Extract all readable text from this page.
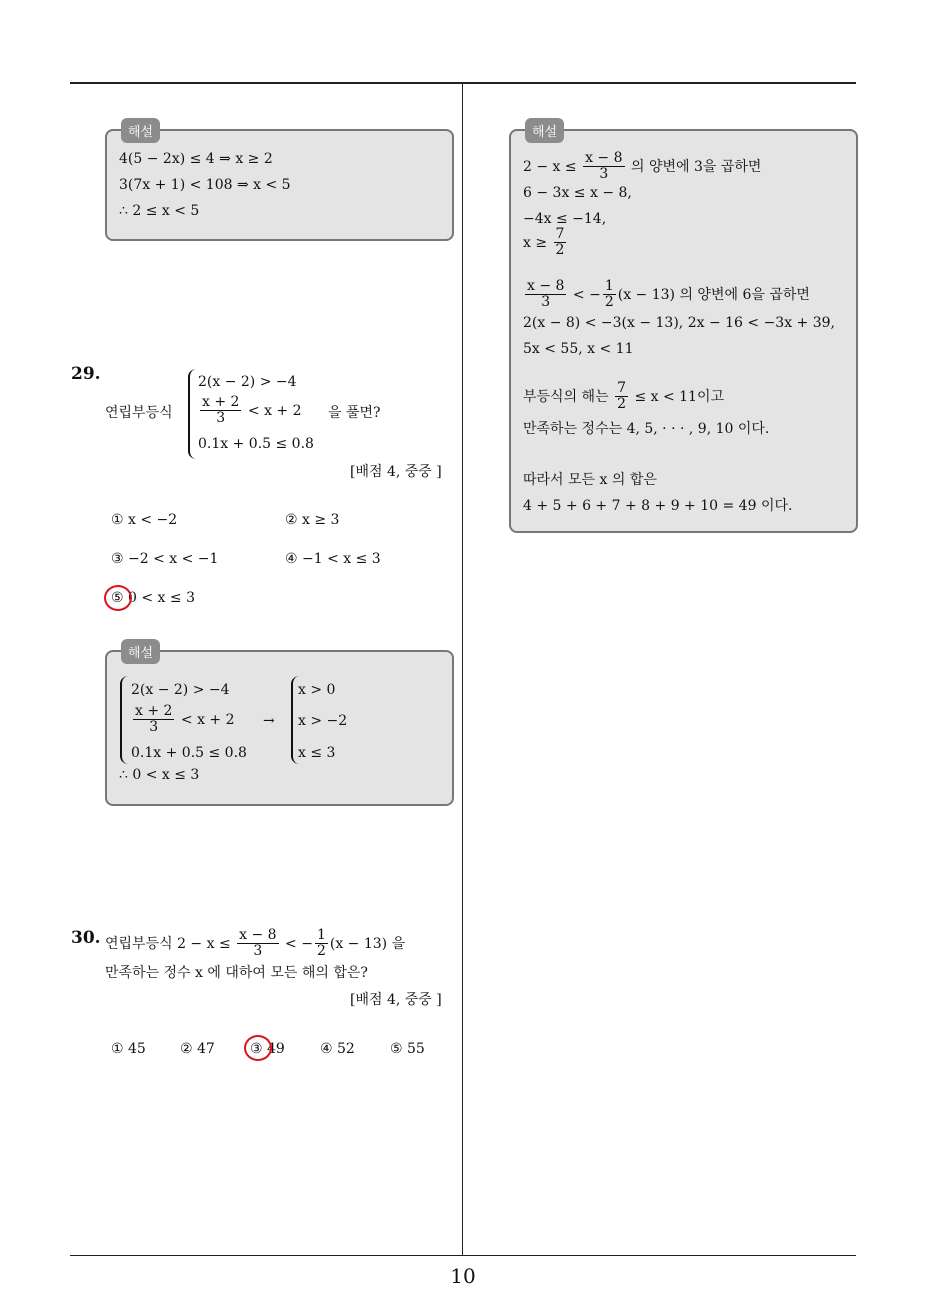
해설
4(5 − 2x) ≤ 4 ⇒ x ≥ 2
3(7x + 1) < 108 ⇒ x < 5
∴ 2 ≤ x < 5
29.
연립부등식
2(x − 2) > −4
$\frac{x + 2}{3} < x + 2$
0.1x + 0.5 ≤ 0.8
을 풀면?
[배점 4, 중중 ]
① x < −2	② x ≥ 3
③ −2 < x < −1	④ −1 < x ≤ 3
⑤ 0 < x ≤ 3
해설
2(x − 2) > −4
$\frac{x + 2}{3} < x + 2$
0.1x + 0.5 ≤ 0.8
→
x > 0
x > −2
x ≤ 3
∴ 0 < x ≤ 3
30. 연립부등식 $2 - x \le \frac{x - 8}{3}$ < − $\frac{1}{2} (x - 13)$ 을
만족하는 정수 x 에 대하여 모든 해의 합은?
[배점 4, 중중 ]
① 45 ② 47	③ 49	④ 52	⑤ 55
해설
$2 - x \le \frac{x - 8}{3}$ 의 양변에 3을 곱하면
6 − 3x ≤ x − 8,
−4x ≤ −14,
$x \ge \frac{7}{2}$
$\frac{x - 8}{3}$ < − $\frac{1}{2} (x - 13)$ 의 양변에 6을 곱하면
2(x − 8) < −3(x − 13), 2x − 16 < −3x + 39,
5x < 55, x < 11
부등식의 해는 $\frac{7}{2} \le x < 11$이고
만족하는 정수는 4, 5, · · · , 9, 10 이다.
따라서 모든 x 의 합은
4 + 5 + 6 + 7 + 8 + 9 + 10 = 49 이다.
10
